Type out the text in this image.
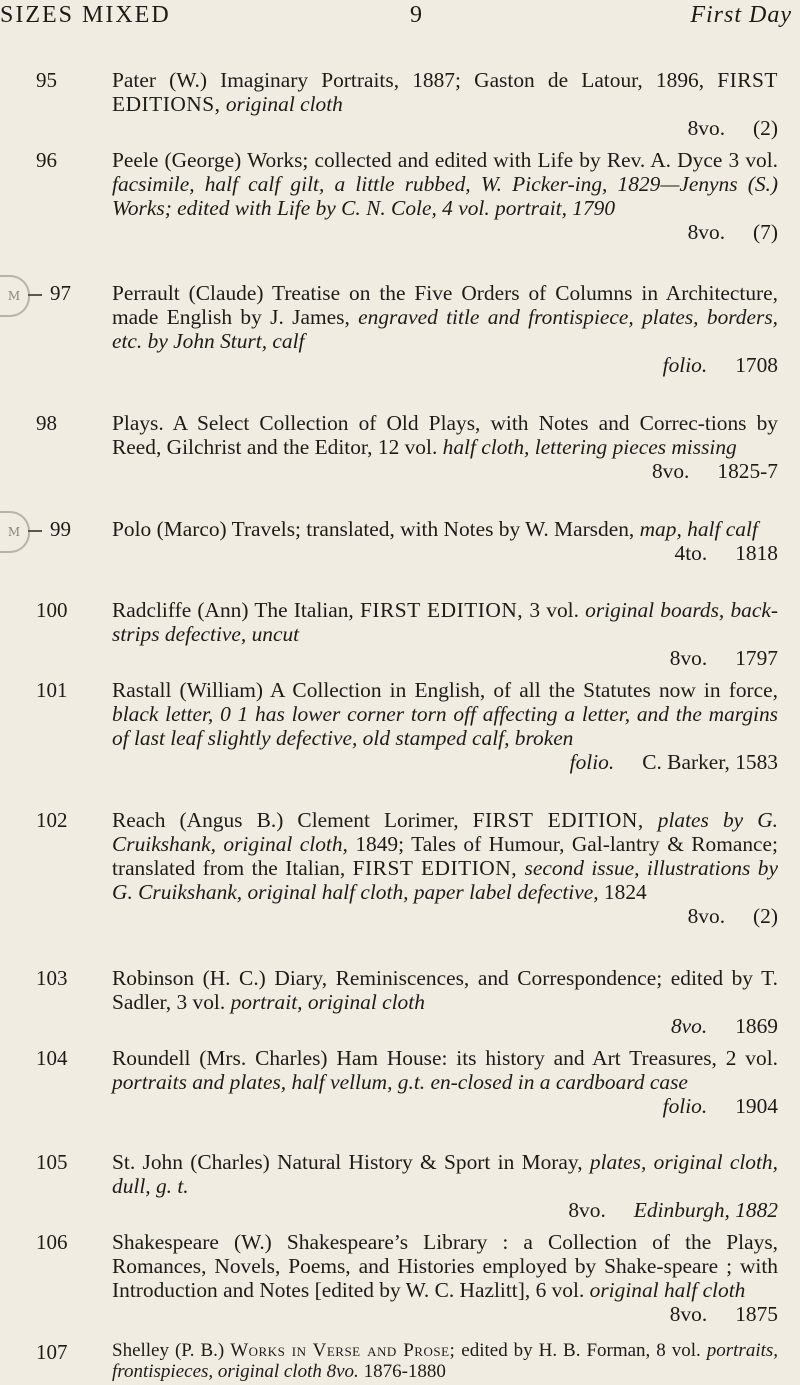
SIZES MIXED	9	First Day
95	Pater (W.) Imaginary Portraits, 1887; Gaston de Latour, 1896, FIRST EDITIONS, original cloth
8vo. (2)
96	Peele (George) Works; collected and edited with Life by Rev. A. Dyce 3 vol. facsimile, half calf gilt, a little rubbed, W. Picker-ing, 1829—Jenyns (S.) Works; edited with Life by C. N. Cole, 4 vol. portrait, 1790
8vo. (7)
M	97	Perrault (Claude) Treatise on the Five Orders of Columns in Architecture, made English by J. James, engraved title and frontispiece, plates, borders, etc. by John Sturt, calf
folio. 1708
98	Plays. A Select Collection of Old Plays, with Notes and Correc-tions by Reed, Gilchrist and the Editor, 12 vol. half cloth, lettering pieces missing
8vo. 1825-7
M	99	Polo (Marco) Travels; translated, with Notes by W. Marsden, map, half calf
4to. 1818
100	Radcliffe (Ann) The Italian, FIRST EDITION, 3 vol. original boards, back-strips defective, uncut
8vo. 1797
101	Rastall (William) A Collection in English, of all the Statutes now in force, black letter, 0 1 has lower corner torn off affecting a letter, and the margins of last leaf slightly defective, old stamped calf, broken
folio. C. Barker, 1583
102	Reach (Angus B.) Clement Lorimer, FIRST EDITION, plates by G. Cruikshank, original cloth, 1849; Tales of Humour, Gal-lantry & Romance; translated from the Italian, FIRST EDITION, second issue, illustrations by G. Cruikshank, original half cloth, paper label defective, 1824
8vo. (2)
103	Robinson (H. C.) Diary, Reminiscences, and Correspondence; edited by T. Sadler, 3 vol. portrait, original cloth
8vo. 1869
104	Roundell (Mrs. Charles) Ham House: its history and Art Treasures, 2 vol. portraits and plates, half vellum, g.t. en-closed in a cardboard case
folio. 1904
105	St. John (Charles) Natural History & Sport in Moray, plates, original cloth, dull, g. t.
8vo. Edinburgh, 1882
106	Shakespeare (W.) Shakespeare’s Library : a Collection of the Plays, Romances, Novels, Poems, and Histories employеd by Shake-speare ; with Introduction and Notes [edited by W. C. Hazlitt], 6 vol. original half cloth
8vo. 1875
107	Shelley (P. B.) Works in Verse and Prose; edited by H. B. Forman, 8 vol. portraits, frontispieces, original cloth 8vo. 1876-1880
